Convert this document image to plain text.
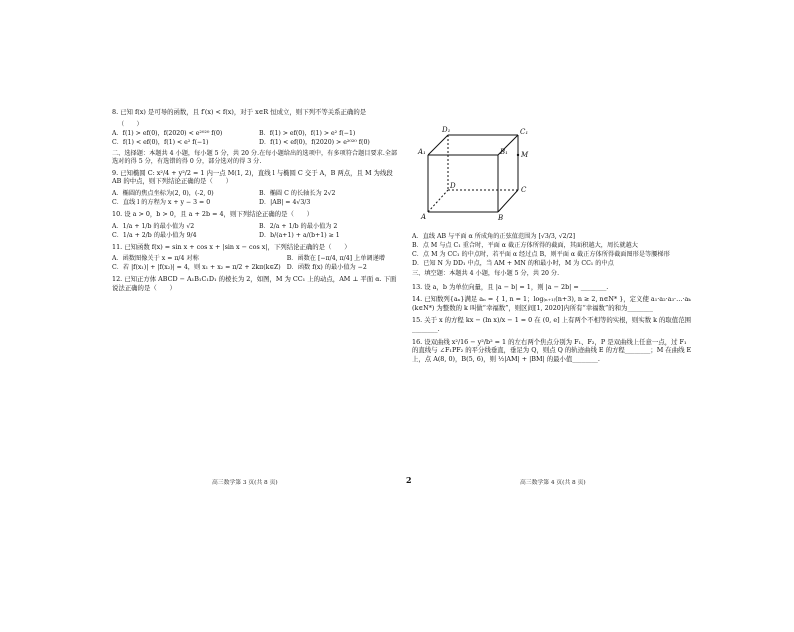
8. 已知 f(x) 是可导的函数，且 f′(x) < f(x)，对于 x∈R 恒成立，则下列不等关系正确的是
（　　）
A．f(1) > ef(0)，f(2020) < e²⁰²⁰ f(0)	B．f(1) > ef(0)，f(1) > e² f(−1)
C．f(1) < ef(0)，f(1) < e² f(−1)	D．f(1) < ef(0)，f(2020) > e²⁰²⁰ f(0)
二、选择题：本题共 4 小题，每小题 5 分，共 20 分.在每小题给出的选项中，有多项符合题目要求.全部选对的得 5 分，有选错的得 0 分，部分选对的得 3 分.
9. 已知椭圆 C: x²/4 + y²/2 = 1 内一点 M(1, 2)，直线 l 与椭圆 C 交于 A，B 两点，且 M 为线段 AB 的中点，则下列结论正确的是（　　）
A．椭圆的焦点坐标为(2, 0)，(-2, 0)	B．椭圆 C 的长轴长为 2√2
C．直线 l 的方程为 x + y − 3 = 0	D．|AB| = 4√3/3
10. 设 a > 0，b > 0，且 a + 2b = 4，则下列结论正确的是（　　）
A．1/a + 1/b 的最小值为 √2	B．2/a + 1/b 的最小值为 2
C．1/a + 2/b 的最小值为 9/4	D．b/(a+1) + a/(b+1) ≥ 1
11. 已知函数 f(x) = sin x + cos x + |sin x − cos x|，下列结论正确的是（　　）
A．函数图像关于 x = π/4 对称	B．函数在 [−π/4, π/4] 上单调递增
C．若 |f(x₁)| + |f(x₂)| = 4，则 x₁ + x₂ = π/2 + 2kπ(k∈Z) D．函数 f(x) 的最小值为 −2
12. 已知正方体 ABCD − A₁B₁C₁D₁ 的棱长为 2，如图，M 为 CC₁ 上的动点，AM ⊥ 平面 α. 下面说法正确的是（　　）
高三数学第 3 页(共 8 页)	2
D₁	C₁
A₁	B₁ M
D	C
A	B
A．直线 AB 与平面 α 所成角的正弦值范围为 [√3/3, √2/2]
B．点 M 与点 C₁ 重合时，平面 α 截正方体所得的截面，其面积越大，周长就越大
C．点 M 为 CC₁ 的中点时，若平面 α 经过点 B，则平面 α 截正方体所得截面图形是等腰梯形
D．已知 N 为 DD₁ 中点，当 AM + MN 的和最小时，M 为 CC₁ 的中点
三、填空题：本题共 4 小题，每小题 5 分，共 20 分.
13. 设 a，b 为单位向量，且 |a − b| = 1，则 |a − 2b| = ________.
14. 已知数列{aₙ}满足 aₙ = { 1, n = 1；log₍ₙ₊₁₎(n+3), n ≥ 2, n∈N* }，定义使 a₁·a₂·a₃·…·aₖ (k∈N*) 为整数的 k 叫做“幸福数”，则区间[1, 2020]内所有“幸福数”的和为________
15. 关于 x 的方程 kx − (ln x)/x − 1 = 0 在 (0, e] 上有两个不相等的实根，则实数 k 的取值范围________.
16. 设双曲线 x²/16 − y²/b² = 1 的左右两个焦点分别为 F₁、F₂，P 是双曲线上任意一点，过 F₁ 的直线与 ∠F₁PF₂ 的平分线垂直，垂足为 Q，则点 Q 的轨迹曲线 E 的方程________；M 在曲线 E 上，点 A(8, 0)，B(5, 6)，则 ½|AM| + |BM| 的最小值________.
高三数学第 4 页(共 8 页)
